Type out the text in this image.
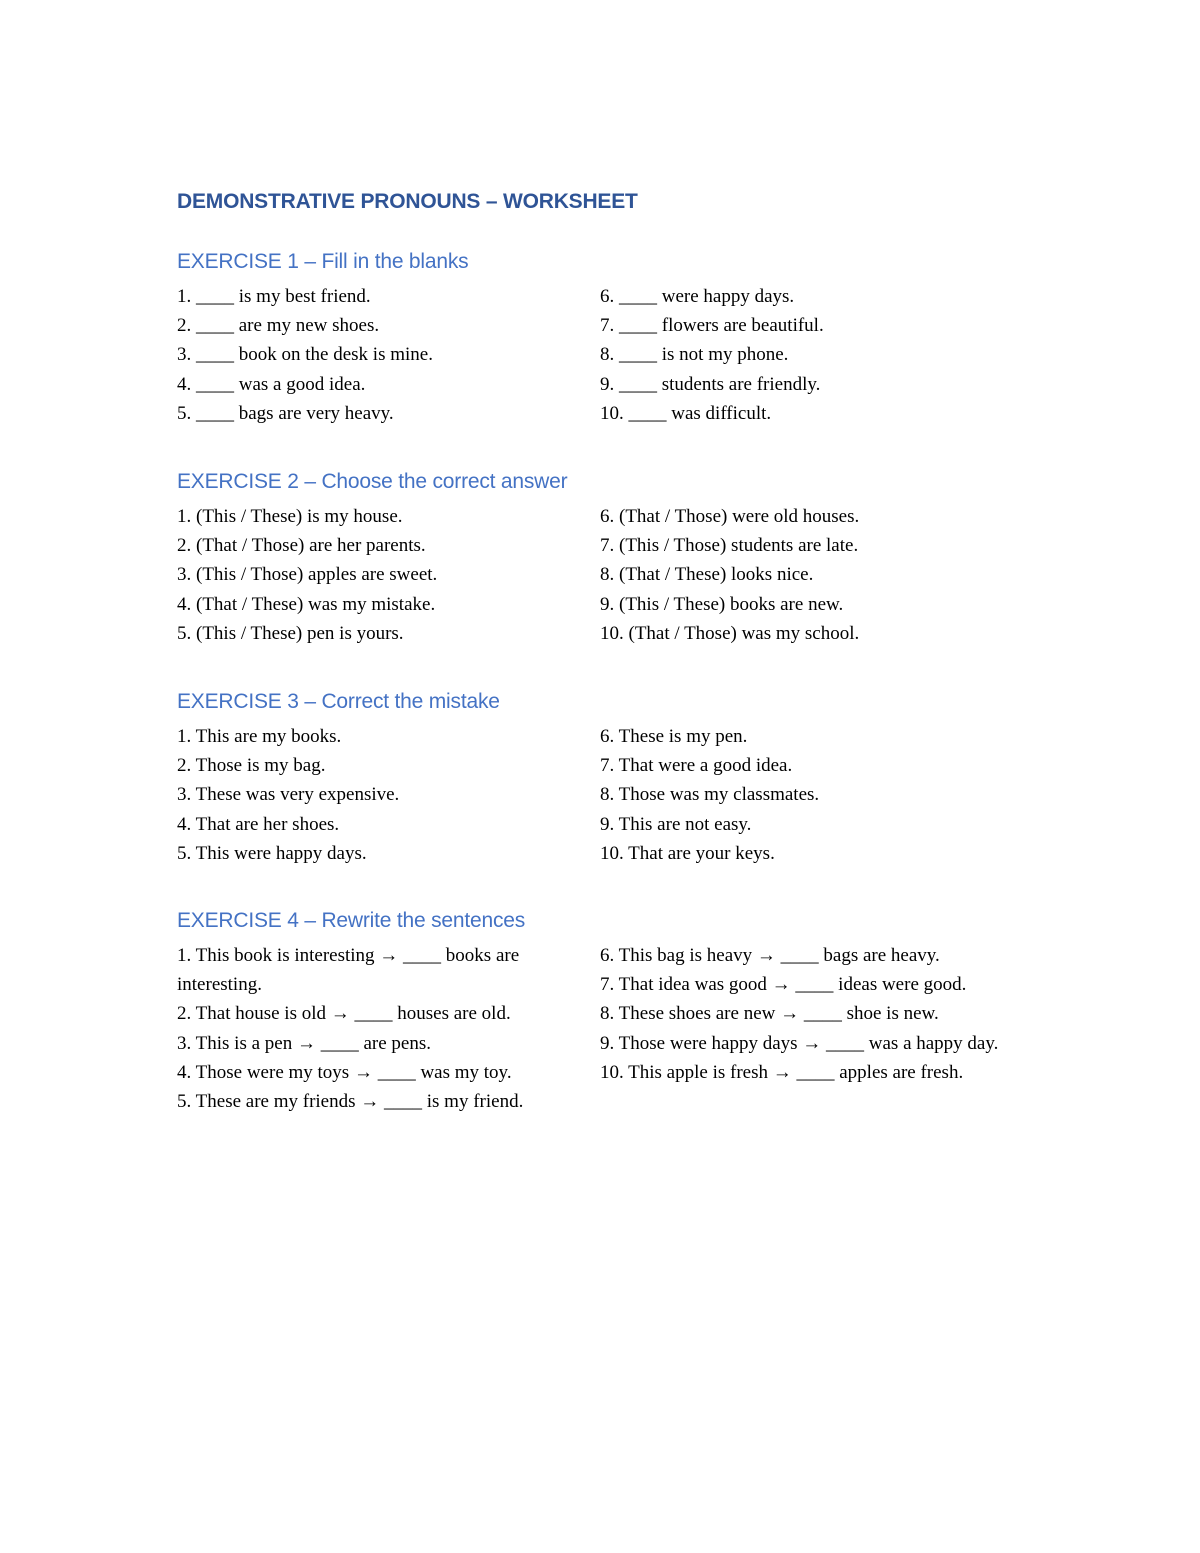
DEMONSTRATIVE PRONOUNS – WORKSHEET
EXERCISE 1 – Fill in the blanks
1. ____ is my best friend.
2. ____ are my new shoes.
3. ____ book on the desk is mine.
4. ____ was a good idea.
5. ____ bags are very heavy.
6. ____ were happy days.
7. ____ flowers are beautiful.
8. ____ is not my phone.
9. ____ students are friendly.
10. ____ was difficult.
EXERCISE 2 – Choose the correct answer
1. (This / These) is my house.
2. (That / Those) are her parents.
3. (This / Those) apples are sweet.
4. (That / These) was my mistake.
5. (This / These) pen is yours.
6. (That / Those) were old houses.
7. (This / Those) students are late.
8. (That / These) looks nice.
9. (This / These) books are new.
10. (That / Those) was my school.
EXERCISE 3 – Correct the mistake
1. This are my books.
2. Those is my bag.
3. These was very expensive.
4. That are her shoes.
5. This were happy days.
6. These is my pen.
7. That were a good idea.
8. Those was my classmates.
9. This are not easy.
10. That are your keys.
EXERCISE 4 – Rewrite the sentences
1. This book is interesting → ____ books are interesting.
2. That house is old → ____ houses are old.
3. This is a pen → ____ are pens.
4. Those were my toys → ____ was my toy.
5. These are my friends → ____ is my friend.
6. This bag is heavy → ____ bags are heavy.
7. That idea was good → ____ ideas were good.
8. These shoes are new → ____ shoe is new.
9. Those were happy days → ____ was a happy day.
10. This apple is fresh → ____ apples are fresh.
